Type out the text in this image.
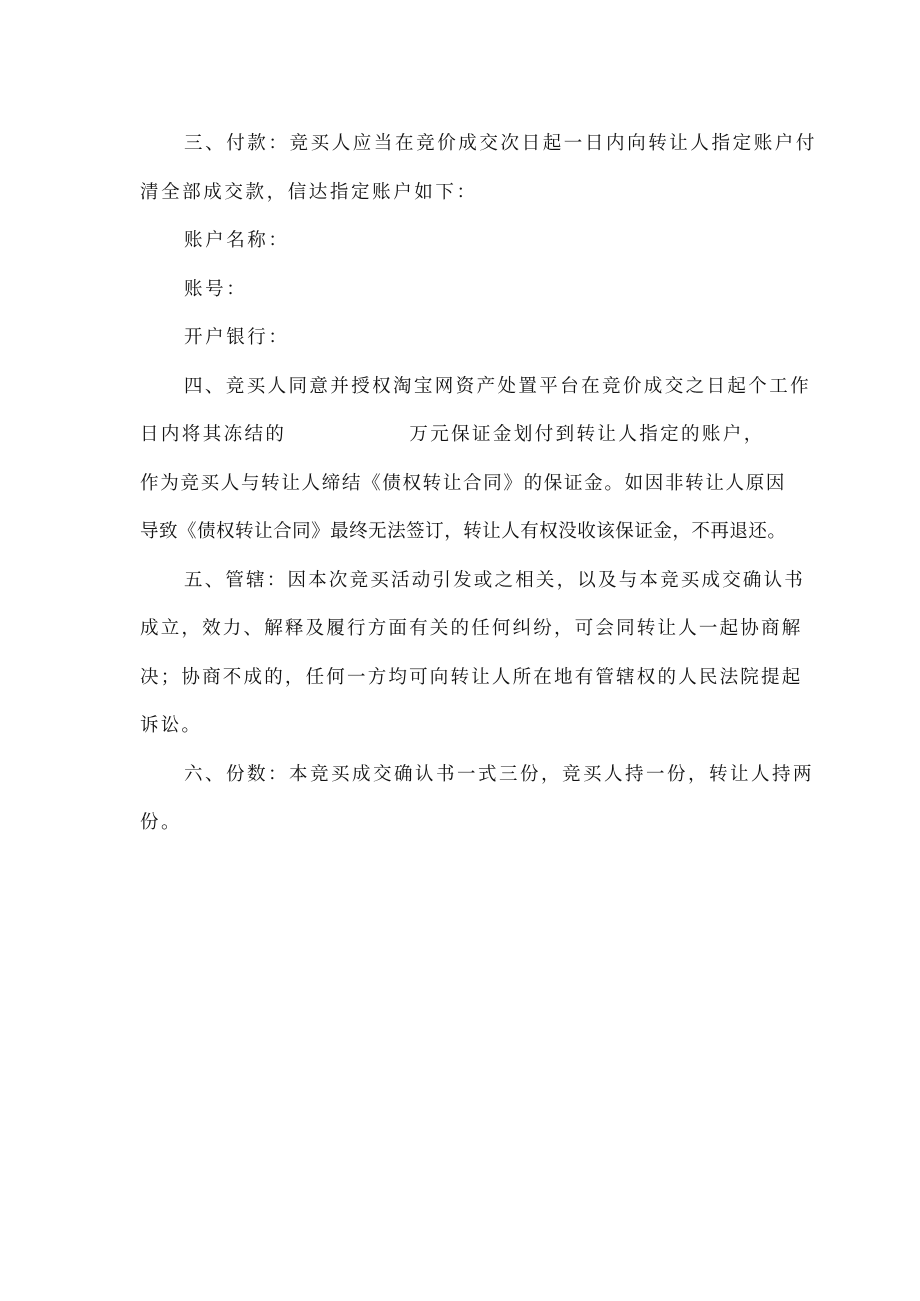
三、付款：竞买人应当在竞价成交次日起一日内向转让人指定账户付
清全部成交款，信达指定账户如下：
账户名称：
账号：
开户银行：
四、竞买人同意并授权淘宝网资产处置平台在竞价成交之日起个工作
日内将其冻结的	万元保证金划付到转让人指定的账户，
作为竞买人与转让人缔结《债权转让合同》的保证金。如因非转让人原因
导致《债权转让合同》最终无法签订，转让人有权没收该保证金，不再退还。
五、管辖：因本次竞买活动引发或之相关，以及与本竞买成交确认书
成立，效力、解释及履行方面有关的任何纠纷，可会同转让人一起协商解
决；协商不成的，任何一方均可向转让人所在地有管辖权的人民法院提起
诉讼。
六、份数：本竞买成交确认书一式三份，竞买人持一份，转让人持两
份。
